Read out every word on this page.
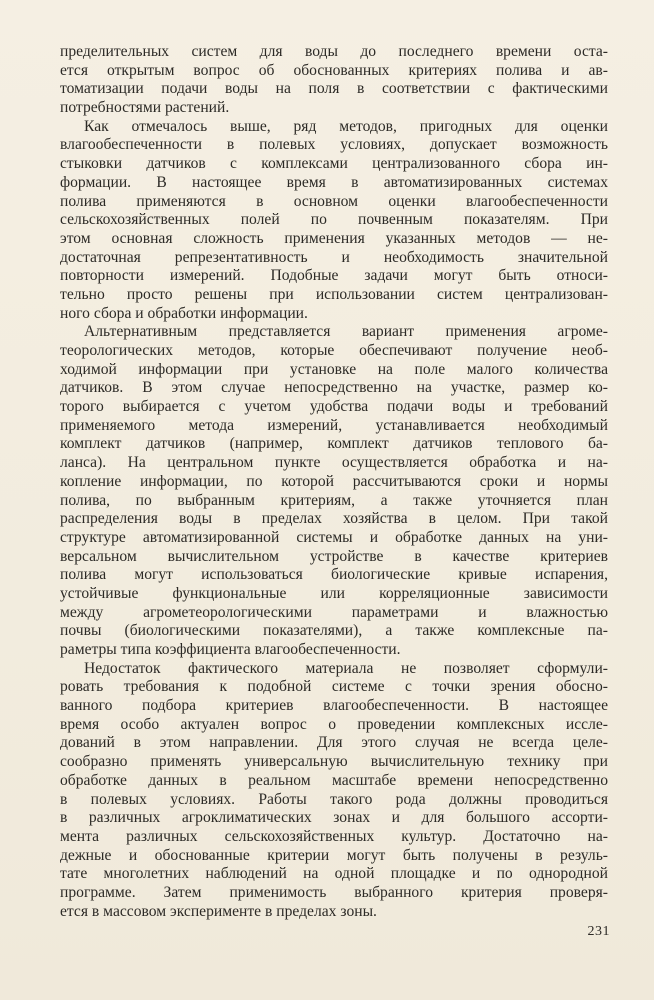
пределительных систем для воды до последнего времени оста-
ется открытым вопрос об обоснованных критериях полива и ав-
томатизации подачи воды на поля в соответствии с фактическими
потребностями растений.
Как отмечалось выше, ряд методов, пригодных для оценки
влагообеспеченности в полевых условиях, допускает возможность
стыковки датчиков с комплексами централизованного сбора ин-
формации. В настоящее время в автоматизированных системах
полива применяются в основном оценки влагообеспеченности
сельскохозяйственных полей по почвенным показателям. При
этом основная сложность применения указанных методов — не-
достаточная репрезентативность и необходимость значительной
повторности измерений. Подобные задачи могут быть относи-
тельно просто решены при использовании систем централизован-
ного сбора и обработки информации.
Альтернативным представляется вариант применения агроме-
теорологических методов, которые обеспечивают получение необ-
ходимой информации при установке на поле малого количества
датчиков. В этом случае непосредственно на участке, размер ко-
торого выбирается с учетом удобства подачи воды и требований
применяемого метода измерений, устанавливается необходимый
комплект датчиков (например, комплект датчиков теплового ба-
ланса). На центральном пункте осуществляется обработка и на-
копление информации, по которой рассчитываются сроки и нормы
полива, по выбранным критериям, а также уточняется план
распределения воды в пределах хозяйства в целом. При такой
структуре автоматизированной системы и обработке данных на уни-
версальном вычислительном устройстве в качестве критериев
полива могут использоваться биологические кривые испарения,
устойчивые функциональные или корреляционные зависимости
между агрометеорологическими параметрами и влажностью
почвы (биологическими показателями), а также комплексные па-
раметры типа коэффициента влагообеспеченности.
Недостаток фактического материала не позволяет сформули-
ровать требования к подобной системе с точки зрения обосно-
ванного подбора критериев влагообеспеченности. В настоящее
время особо актуален вопрос о проведении комплексных иссле-
дований в этом направлении. Для этого случая не всегда целе-
сообразно применять универсальную вычислительную технику при
обработке данных в реальном масштабе времени непосредственно
в полевых условиях. Работы такого рода должны проводиться
в различных агроклиматических зонах и для большого ассорти-
мента различных сельскохозяйственных культур. Достаточно на-
дежные и обоснованные критерии могут быть получены в резуль-
тате многолетних наблюдений на одной площадке и по однородной
программе. Затем применимость выбранного критерия проверя-
ется в массовом эксперименте в пределах зоны.
231
